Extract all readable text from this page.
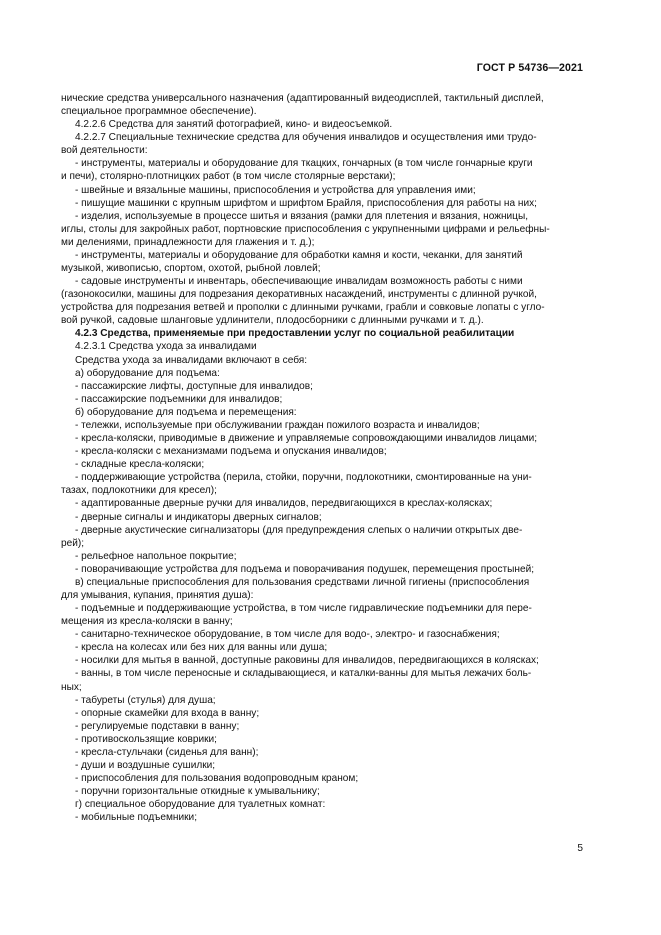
ГОСТ Р 54736—2021
нические средства универсального назначения (адаптированный видеодисплей, тактильный дисплей,
специальное программное обеспечение).
4.2.2.6 Средства для занятий фотографией, кино- и видеосъемкой.
4.2.2.7 Специальные технические средства для обучения инвалидов и осуществления ими трудо-
вой деятельности:
- инструменты, материалы и оборудование для ткацких, гончарных (в том числе гончарные круги
и печи), столярно-плотницких работ (в том числе столярные верстаки);
- швейные и вязальные машины, приспособления и устройства для управления ими;
- пишущие машинки с крупным шрифтом и шрифтом Брайля, приспособления для работы на них;
- изделия, используемые в процессе шитья и вязания (рамки для плетения и вязания, ножницы,
иглы, столы для закройных работ, портновские приспособления с укрупненными цифрами и рельефны-
ми делениями, принадлежности для глажения и т. д.);
- инструменты, материалы и оборудование для обработки камня и кости, чеканки, для занятий
музыкой, живописью, спортом, охотой, рыбной ловлей;
- садовые инструменты и инвентарь, обеспечивающие инвалидам возможность работы с ними
(газонокосилки, машины для подрезания декоративных насаждений, инструменты с длинной ручкой,
устройства для подрезания ветвей и прополки с длинными ручками, грабли и совковые лопаты с угло-
вой ручкой, садовые шланговые удлинители, плодосборники с длинными ручками и т. д.).
4.2.3 Средства, применяемые при предоставлении услуг по социальной реабилитации
4.2.3.1 Средства ухода за инвалидами
Средства ухода за инвалидами включают в себя:
а) оборудование для подъема:
- пассажирские лифты, доступные для инвалидов;
- пассажирские подъемники для инвалидов;
б) оборудование для подъема и перемещения:
- тележки, используемые при обслуживании граждан пожилого возраста и инвалидов;
- кресла-коляски, приводимые в движение и управляемые сопровождающими инвалидов лицами;
- кресла-коляски с механизмами подъема и опускания инвалидов;
- складные кресла-коляски;
- поддерживающие устройства (перила, стойки, поручни, подлокотники, смонтированные на уни-
тазах, подлокотники для кресел);
- адаптированные дверные ручки для инвалидов, передвигающихся в креслах-колясках;
- дверные сигналы и индикаторы дверных сигналов;
- дверные акустические сигнализаторы (для предупреждения слепых о наличии открытых две-
рей);
- рельефное напольное покрытие;
- поворачивающие устройства для подъема и поворачивания подушек, перемещения простыней;
в) специальные приспособления для пользования средствами личной гигиены (приспособления
для умывания, купания, принятия душа):
- подъемные и поддерживающие устройства, в том числе гидравлические подъемники для пере-
мещения из кресла-коляски в ванну;
- санитарно-техническое оборудование, в том числе для водо-, электро- и газоснабжения;
- кресла на колесах или без них для ванны или душа;
- носилки для мытья в ванной, доступные раковины для инвалидов, передвигающихся в колясках;
- ванны, в том числе переносные и складывающиеся, и каталки-ванны для мытья лежачих боль-
ных;
- табуреты (стулья) для душа;
- опорные скамейки для входа в ванну;
- регулируемые подставки в ванну;
- противоскользящие коврики;
- кресла-стульчаки (сиденья для ванн);
- души и воздушные сушилки;
- приспособления для пользования водопроводным краном;
- поручни горизонтальные откидные к умывальнику;
г) специальное оборудование для туалетных комнат:
- мобильные подъемники;
5
